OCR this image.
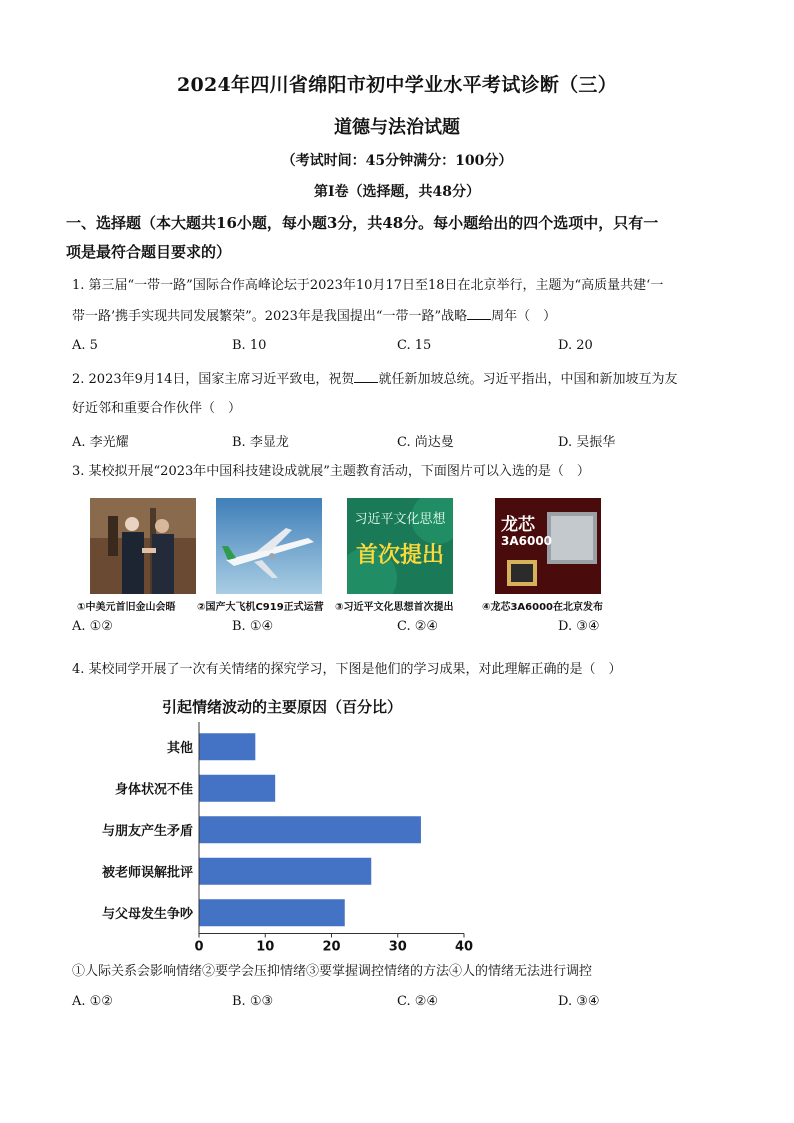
2024年四川省绵阳市初中学业水平考试诊断（三）
道德与法治试题
（考试时间：45分钟满分：100分）
第I卷（选择题，共48分）
一、选择题（本大题共16小题，每小题3分，共48分。每小题给出的四个选项中，只有一
项是最符合题目要求的）
1. 第三届“一带一路”国际合作高峰论坛于2023年10月17日至18日在北京举行，主题为“高质量共建‘一
带一路’携手实现共同发展繁荣”。2023年是我国提出“一带一路”战略 周年（　）
A. 5	B. 10	C. 15	D. 20
2. 2023年9月14日，国家主席习近平致电，祝贺 就任新加坡总统。习近平指出，中国和新加坡互为友
好近邻和重要合作伙伴（　）
A. 李光耀	B. 李显龙	C. 尚达曼	D. 吴振华
3. 某校拟开展“2023年中国科技建设成就展”主题教育活动，下面图片可以入选的是（　）
习近平文化思想
首次提出
龙芯
3A6000
①中美元首旧金山会晤 ②国产大飞机C919正式运营 ③习近平文化思想首次提出	④龙芯3A6000在北京发布
A. ①②	B. ①④	C. ②④	D. ③④
4. 某校同学开展了一次有关情绪的探究学习，下图是他们的学习成果，对此理解正确的是（　）
引起情绪波动的主要原因（百分比）
其他
身体状况不佳
与朋友产生矛盾
被老师误解批评
与父母发生争吵
0	10	20	30	40
①人际关系会影响情绪②要学会压抑情绪③要掌握调控情绪的方法④人的情绪无法进行调控
A. ①②	B. ①③	C. ②④	D. ③④
